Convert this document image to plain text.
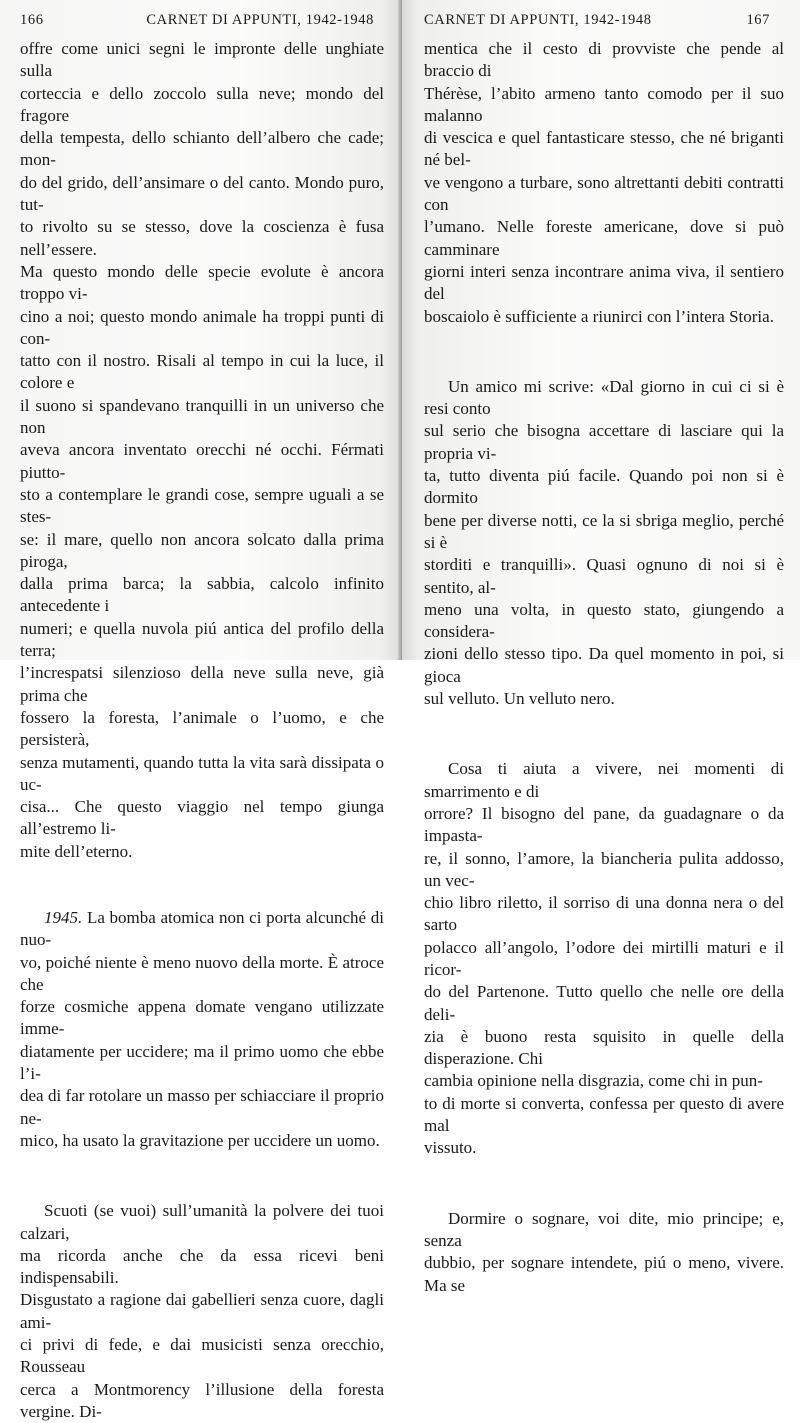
166	CARNET DI APPUNTI, 1942-1948
offre come unici segni le impronte delle unghiate sulla
corteccia e dello zoccolo sulla neve; mondo del fragore
della tempesta, dello schianto dell’albero che cade; mon-
do del grido, dell’ansimare o del canto. Mondo puro, tut-
to rivolto su se stesso, dove la coscienza è fusa nell’essere.
Ma questo mondo delle specie evolute è ancora troppo vi-
cino a noi; questo mondo animale ha troppi punti di con-
tatto con il nostro. Risali al tempo in cui la luce, il colore e
il suono si spandevano tranquilli in un universo che non
aveva ancora inventato orecchi né occhi. Férmati piutto-
sto a contemplare le grandi cose, sempre uguali a se stes-
se: il mare, quello non ancora solcato dalla prima piroga,
dalla prima barca; la sabbia, calcolo infinito antecedente i
numeri; e quella nuvola piú antica del profilo della terra;
l’increspatsi silenzioso della neve sulla neve, già prima che
fossero la foresta, l’animale o l’uomo, e che persisterà,
senza mutamenti, quando tutta la vita sarà dissipata o uc-
cisa... Che questo viaggio nel tempo giunga all’estremo li-
mite dell’eterno.
1945. La bomba atomica non ci porta alcunché di nuo-
vo, poiché niente è meno nuovo della morte. È atroce che
forze cosmiche appena domate vengano utilizzate imme-
diatamente per uccidere; ma il primo uomo che ebbe l’i-
dea di far rotolare un masso per schiacciare il proprio ne-
mico, ha usato la gravitazione per uccidere un uomo.
Scuoti (se vuoi) sull’umanità la polvere dei tuoi calzari,
ma ricorda anche che da essa ricevi beni indispensabili.
Disgustato a ragione dai gabellieri senza cuore, dagli ami-
ci privi di fede, e dai musicisti senza orecchio, Rousseau
cerca a Montmorency l’illusione della foresta vergine. Di-
CARNET DI APPUNTI, 1942-1948	167
mentica che il cesto di provviste che pende al braccio di
Thérèse, l’abito armeno tanto comodo per il suo malanno
di vescica e quel fantasticare stesso, che né briganti né bel-
ve vengono a turbare, sono altrettanti debiti contratti con
l’umano. Nelle foreste americane, dove si può camminare
giorni interi senza incontrare anima viva, il sentiero del
boscaiolo è sufficiente a riunirci con l’intera Storia.
Un amico mi scrive: «Dal giorno in cui ci si è resi conto
sul serio che bisogna accettare di lasciare qui la propria vi-
ta, tutto diventa piú facile. Quando poi non si è dormito
bene per diverse notti, ce la si sbriga meglio, perché si è
storditi e tranquilli». Quasi ognuno di noi si è sentito, al-
meno una volta, in questo stato, giungendo a considera-
zioni dello stesso tipo. Da quel momento in poi, si gioca
sul velluto. Un velluto nero.
Cosa ti aiuta a vivere, nei momenti di smarrimento e di
orrore? Il bisogno del pane, da guadagnare o da impasta-
re, il sonno, l’amore, la biancheria pulita addosso, un vec-
chio libro riletto, il sorriso di una donna nera o del sarto
polacco all’angolo, l’odore dei mirtilli maturi e il ricor-
do del Partenone. Tutto quello che nelle ore della deli-
zia è buono resta squisito in quelle della disperazione. Chi
cambia opinione nella disgrazia, come chi in pun-
to di morte si converta, confessa per questo di avere mal
vissuto.
Dormire o sognare, voi dite, mio principe; e, senza
dubbio, per sognare intendete, piú o meno, vivere. Ma se
